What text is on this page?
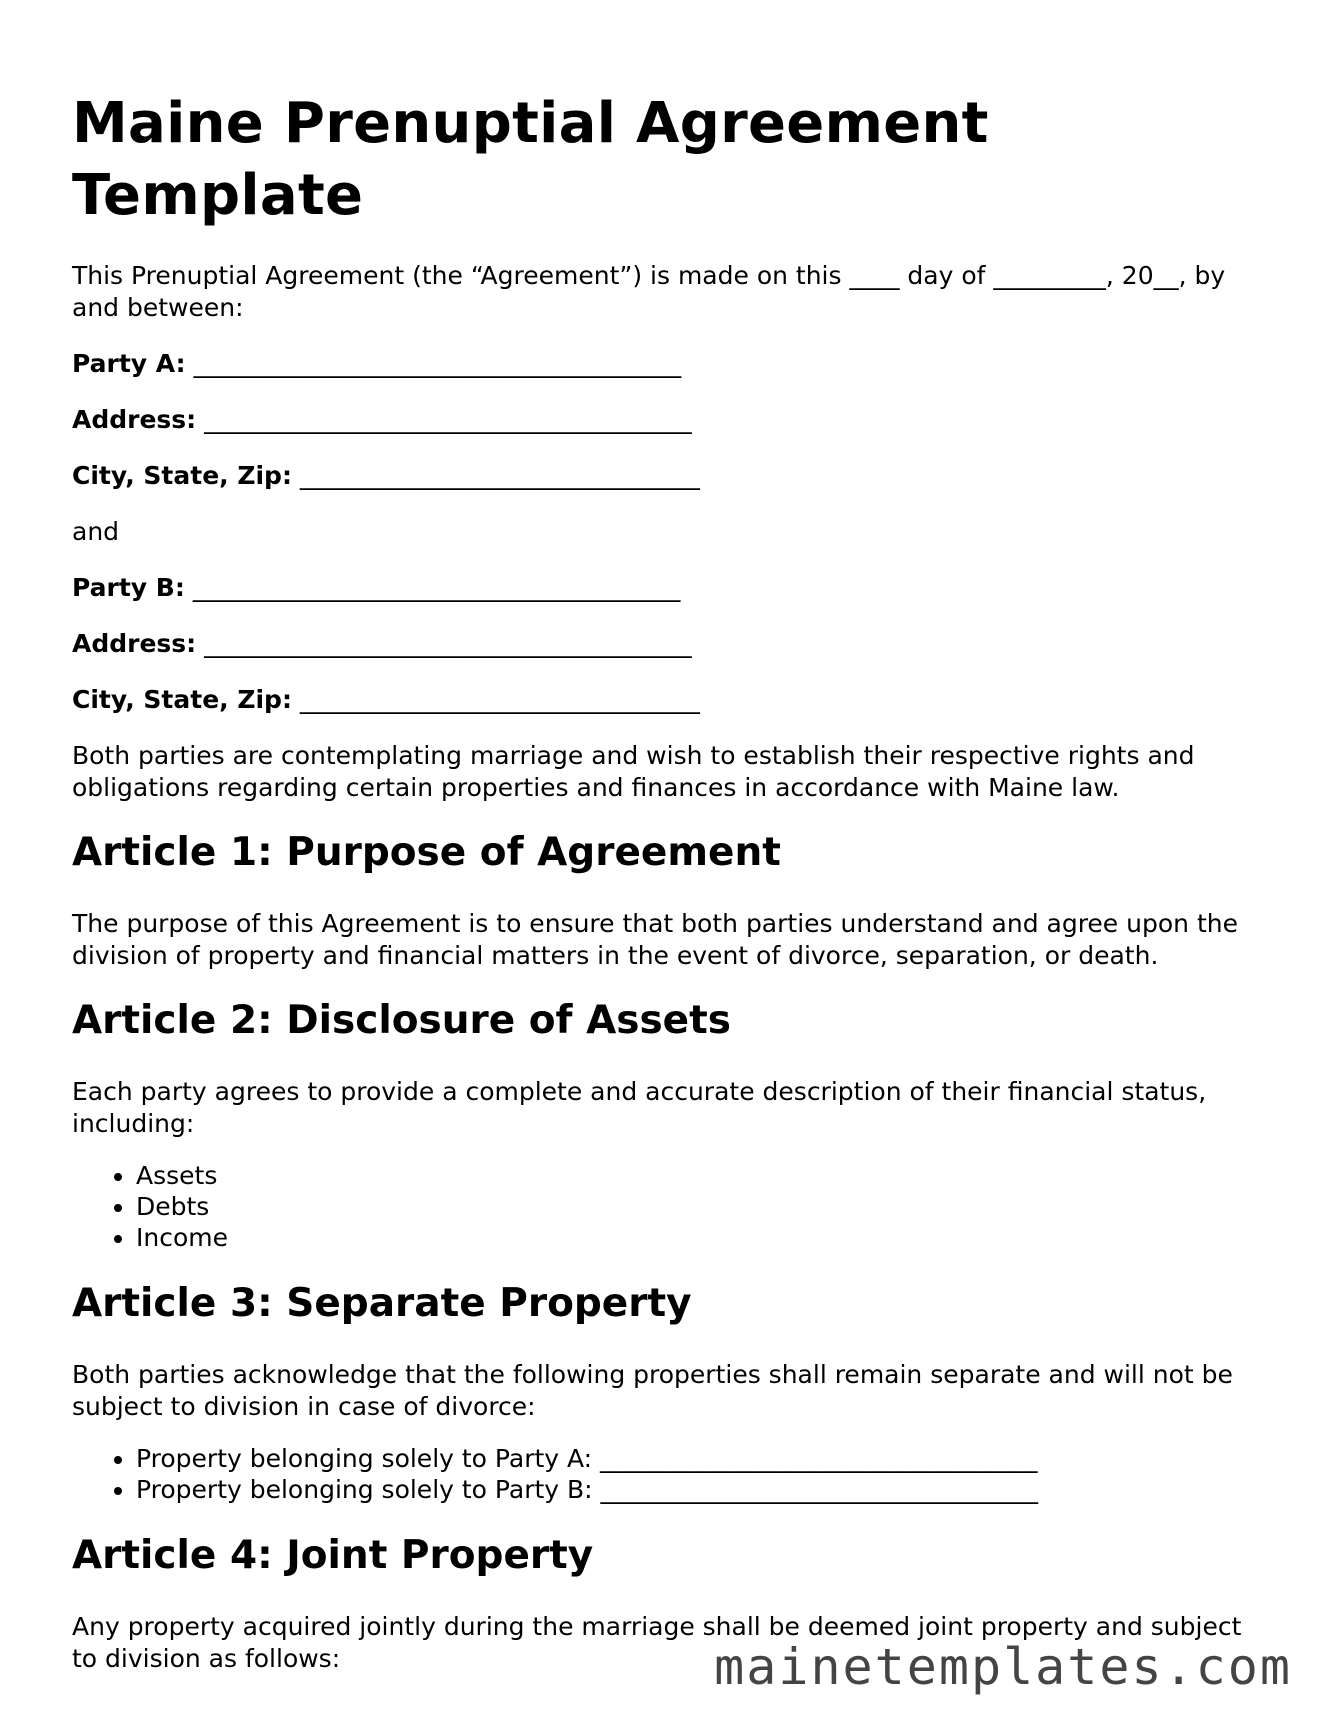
Maine Prenuptial Agreement Template

This Prenuptial Agreement (the “Agreement”) is made on this ____ day of _________, 20__, by and between:

Party A: _______________________________________
Address: _______________________________________
City, State, Zip: ________________________________

and

Party B: _______________________________________
Address: _______________________________________
City, State, Zip: ________________________________

Both parties are contemplating marriage and wish to establish their respective rights and obligations regarding certain properties and finances in accordance with Maine law.

Article 1: Purpose of Agreement

The purpose of this Agreement is to ensure that both parties understand and agree upon the division of property and financial matters in the event of divorce, separation, or death.

Article 2: Disclosure of Assets

Each party agrees to provide a complete and accurate description of their financial status, including:

• Assets
• Debts
• Income
Article 3: Separate Property

Both parties acknowledge that the following properties shall remain separate and will not be subject to division in case of divorce:

• Property belonging solely to Party A: ___________________________________
• Property belonging solely to Party B: ___________________________________
Article 4: Joint Property

Any property acquired jointly during the marriage shall be deemed joint property and subject to division as follows:	mainetemplates.com
